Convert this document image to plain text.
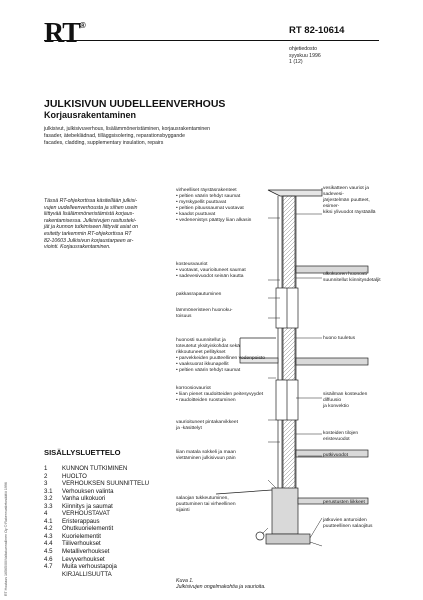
RT®	RT 82-10614
ohjetiedosto
syyskuu 1996
1 (12)
JULKISIVUN UUDELLEENVERHOUS
Korjausrakentaminen
julkisivut, julkisivuverhous, lisälämmöneristäminen, korjausrakentaminen
fasader, ätebeklädnad, tilläggsisolering, reparationsbyggande
facades, cladding, supplementary insulation, repairs
Tässä RT-ohjekortissa käsitellään julkisi-
vujen uudelleenverhousta ja siihen usein
liittyvää lisälämmöneristämistä korjaus-
rakentamisessa. Julkisivujen rasitusteki-
jät ja kunnon tutkimiseen liittyvät asiat on
esitetty tarkemmin RT-ohjekortissa RT
82-10603 Julkisivun korjaustarpeen ar-
viointi. Korjausrakentaminen.
SISÄLLYSLUETTELO
1	KUNNON TUTKIMINEN
2	HUOLTO
3	VERHOUKSEN SUUNNITTELU
3.1	Verhouksen valinta
3.2	Vanha ulkokuori
3.3	Kiinnitys ja saumat
4	VERHOUSTAVAT
4.1	Eristerappaus
4.2	Ohutkuorielementit
4.3	Kuorielementit
4.4	Tiiliverhoukset
4.5	Metalliverhoukset
4.6	Levyverhoukset
4.7	Muita verhoustapoja
KIRJALLISUUTTA
RT Houtaus 16565/00/Valtakunnallinen Oy © Rakennustietosäätiö 1996

virheelliset räystäsrakenteet

• peltien väärin tehdyt saumat

• myrskypellit puuttuvat

• peltien pituussaumat vuotavat

• kaadot puuttuvat

• vedenenistys päättyy liian alkasin

kosteusvauriot

• vuotavat, vaurioituneet saumat

• sadevesivuodot seinän kautta

pakkasrapautuminen

lämmöneristeen huonoku-

toisuus

huonosti suunnitellut ja

toteutetut yksityiskohdat sekä

rikkoutuneet pellitykset

• parvekkeiden puutteellinen vedenpoisto

• vaaksuorat ikkunapellit

• peltien väärin tehdyt saumat

korroosiovauriot

• liian pienet raudoitteiden peitesyvyydet

• raudoitteiden ruostuminen

vaurioituneet pintakarvikkeet

ja -käsittelyt

liian matala sokkeli ja maan

viettäminen julkisivuun päin

salaojan tukkeutuminen,

puuttuminen tai virheellinen

sijainti

vesikatteen vauriot ja sadevesi-

järjestelmän puutteet, esimer-

kiksi ylivuodot räystäällä

ulkokuoren huonosti

suunnitellut kiinnitysdetaljit

huono tuuletus

sisäilman kosteuden diffuusio

ja konvektio

kosteiden tilojen eristevuodot
putkivuodot
perustusten liikkeet

jatkuvien anturoiden

puutteellinen salaojitus

Kuva 1.
Julkisivujen ongelmakohtia ja vaurioita.
